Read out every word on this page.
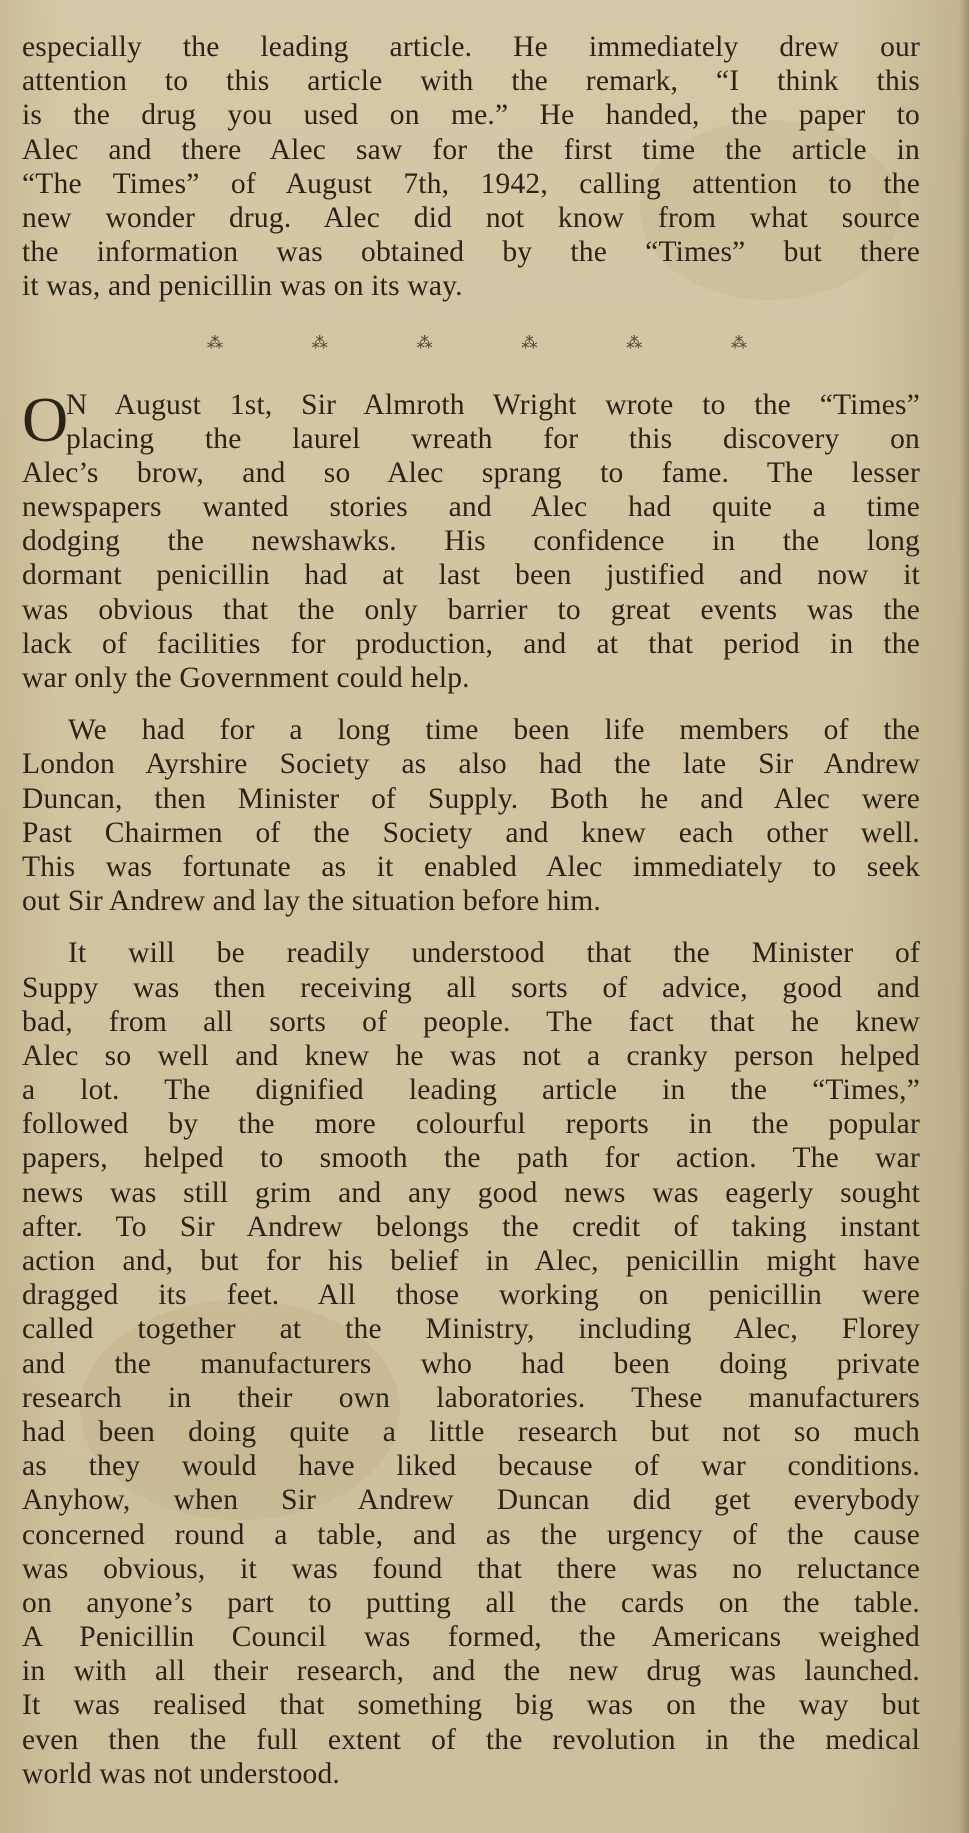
especially the leading article. He immediately drew our
attention to this article with the remark, “I think this
is the drug you used on me.” He handed, the paper to
Alec and there Alec saw for the first time the article in
“The Times” of August 7th, 1942, calling attention to the
new wonder drug. Alec did not know from what source
the information was obtained by the “Times” but there
it was, and penicillin was on its way.
⁂	⁂	⁂	⁂	⁂	⁂
O
N August 1st, Sir Almroth Wright wrote to the “Times”
placing the laurel wreath for this discovery on
Alec’s brow, and so Alec sprang to fame. The lesser
newspapers wanted stories and Alec had quite a time
dodging the newshawks. His confidence in the long
dormant penicillin had at last been justified and now it
was obvious that the only barrier to great events was the
lack of facilities for production, and at that period in the
war only the Government could help.
We had for a long time been life members of the
London Ayrshire Society as also had the late Sir Andrew
Duncan, then Minister of Supply. Both he and Alec were
Past Chairmen of the Society and knew each other well.
This was fortunate as it enabled Alec immediately to seek
out Sir Andrew and lay the situation before him.
It will be readily understood that the Minister of
Suppy was then receiving all sorts of advice, good and
bad, from all sorts of people. The fact that he knew
Alec so well and knew he was not a cranky person helped
a lot. The dignified leading article in the “Times,”
followed by the more colourful reports in the popular
papers, helped to smooth the path for action. The war
news was still grim and any good news was eagerly sought
after. To Sir Andrew belongs the credit of taking instant
action and, but for his belief in Alec, penicillin might have
dragged its feet. All those working on penicillin were
called together at the Ministry, including Alec, Florey
and the manufacturers who had been doing private
research in their own laboratories. These manufacturers
had been doing quite a little research but not so much
as they would have liked because of war conditions.
Anyhow, when Sir Andrew Duncan did get everybody
concerned round a table, and as the urgency of the cause
was obvious, it was found that there was no reluctance
on anyone’s part to putting all the cards on the table.
A Penicillin Council was formed, the Americans weighed
in with all their research, and the new drug was launched.
It was realised that something big was on the way but
even then the full extent of the revolution in the medical
world was not understood.
